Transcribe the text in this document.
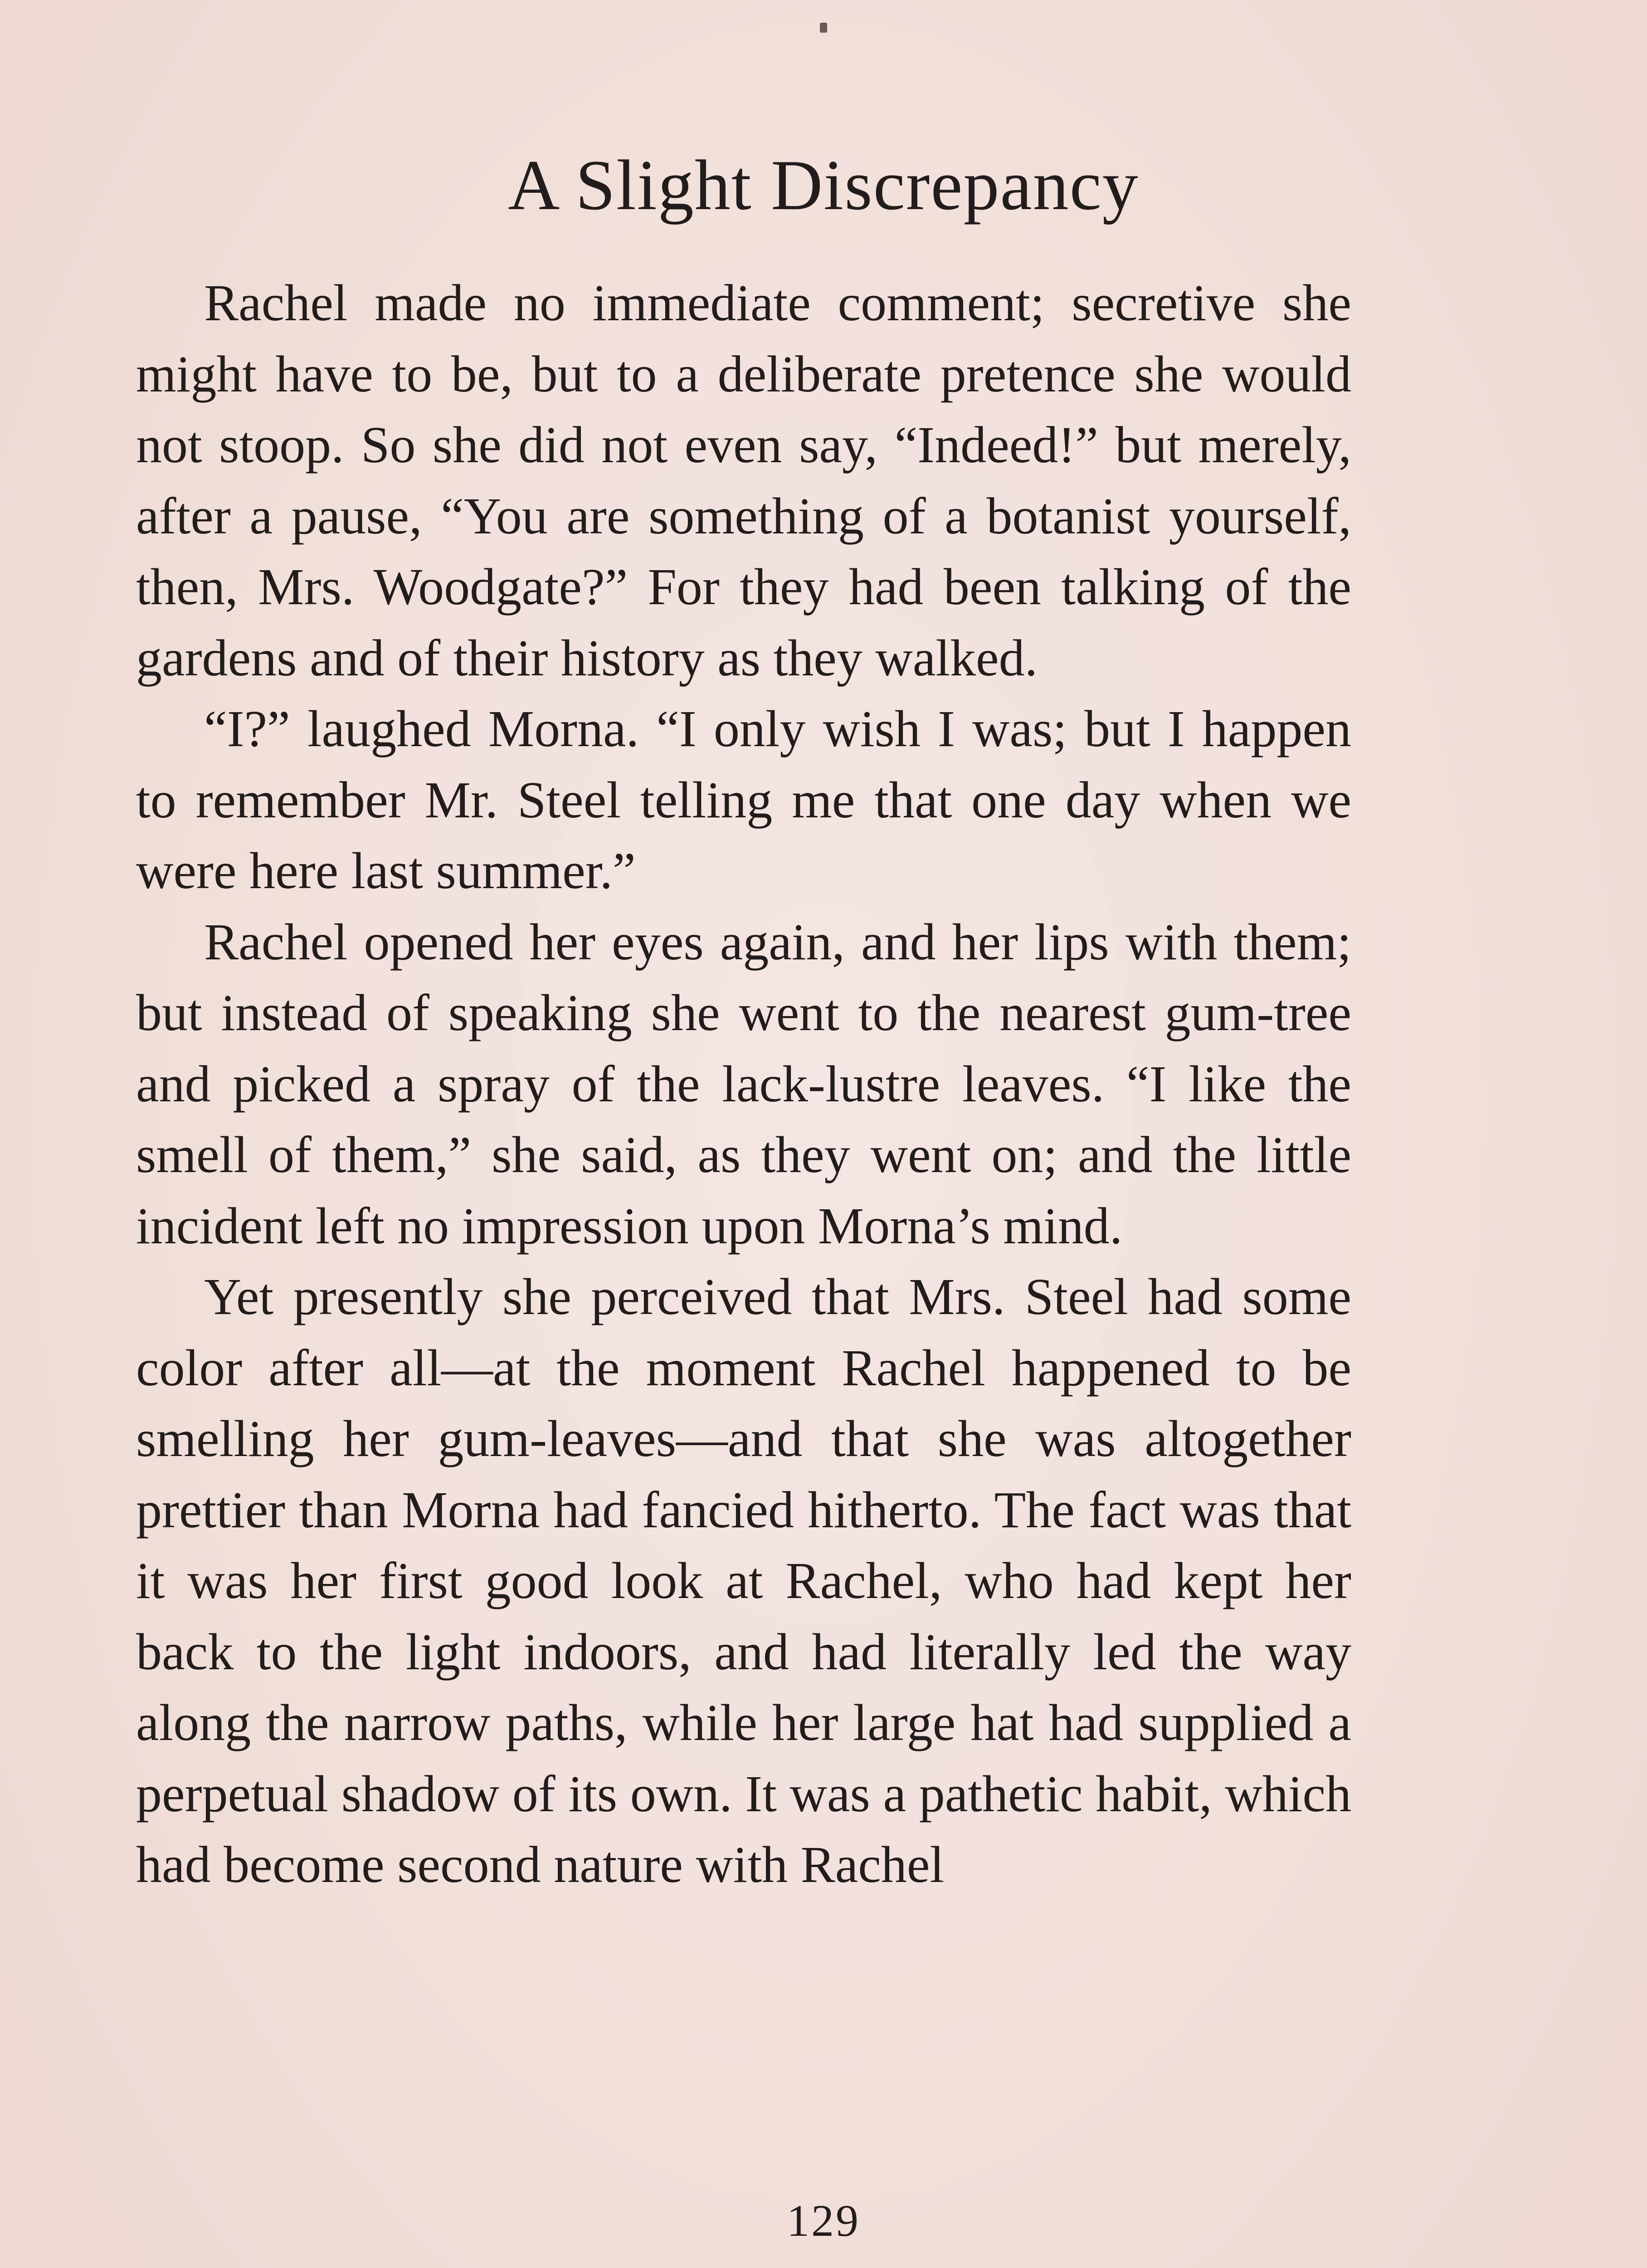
A Slight Discrepancy

Rachel made no immediate comment; secretive she might have to be, but to a deliberate pretence she would not stoop. So she did not even say, “Indeed!” but merely, after a pause, “You are something of a botanist yourself, then, Mrs. Woodgate?” For they had been talking of the gardens and of their history as they walked.

“I?” laughed Morna. “I only wish I was; but I happen to remember Mr. Steel telling me that one day when we were here last summer.”

Rachel opened her eyes again, and her lips with them; but instead of speaking she went to the nearest gum-tree and picked a spray of the lack-lustre leaves. “I like the smell of them,” she said, as they went on; and the little incident left no impression upon Morna’s mind.

Yet presently she perceived that Mrs. Steel had some color after all—at the moment Rachel happened to be smelling her gum-leaves—and that she was altogether prettier than Morna had fancied hitherto. The fact was that it was her first good look at Rachel, who had kept her back to the light indoors, and had literally led the way along the narrow paths, while her large hat had supplied a perpetual shadow of its own. It was a pathetic habit, which had become second nature with Rachel

129
